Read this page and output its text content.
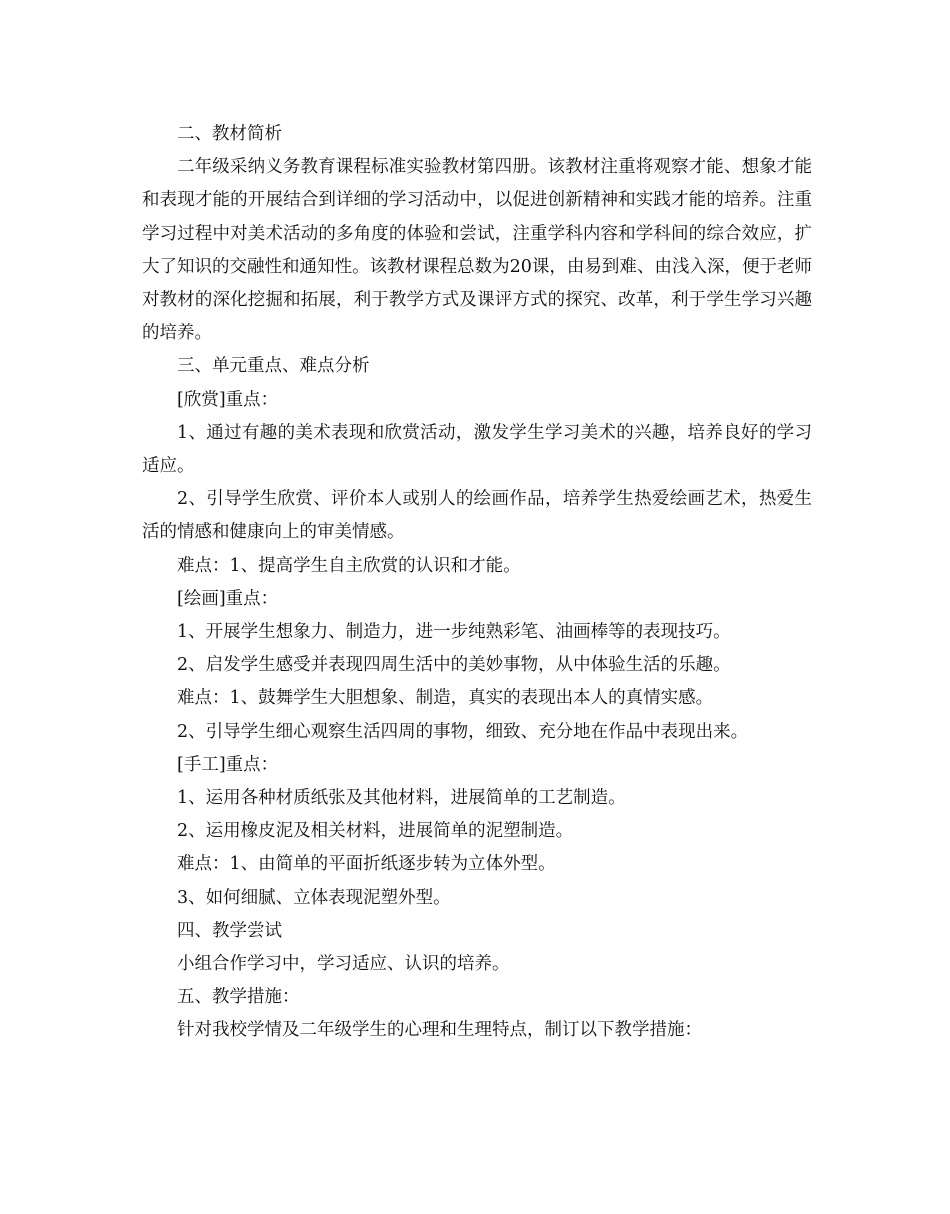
二、教材简析

二年级采纳义务教育课程标准实验教材第四册。该教材注重将观察才能、想象才能和表现才能的开展结合到详细的学习活动中，以促进创新精神和实践才能的培养。注重学习过程中对美术活动的多角度的体验和尝试，注重学科内容和学科间的综合效应，扩大了知识的交融性和通知性。该教材课程总数为20课，由易到难、由浅入深，便于老师对教材的深化挖掘和拓展，利于教学方式及课评方式的探究、改革，利于学生学习兴趣的培养。

三、单元重点、难点分析

[欣赏]重点：

1、通过有趣的美术表现和欣赏活动，激发学生学习美术的兴趣，培养良好的学习适应。

2、引导学生欣赏、评价本人或别人的绘画作品，培养学生热爱绘画艺术，热爱生活的情感和健康向上的审美情感。

难点：1、提高学生自主欣赏的认识和才能。

[绘画]重点：

1、开展学生想象力、制造力，进一步纯熟彩笔、油画棒等的表现技巧。

2、启发学生感受并表现四周生活中的美妙事物，从中体验生活的乐趣。

难点：1、鼓舞学生大胆想象、制造，真实的表现出本人的真情实感。

2、引导学生细心观察生活四周的事物，细致、充分地在作品中表现出来。

[手工]重点：

1、运用各种材质纸张及其他材料，进展简单的工艺制造。

2、运用橡皮泥及相关材料，进展简单的泥塑制造。

难点：1、由简单的平面折纸逐步转为立体外型。

3、如何细腻、立体表现泥塑外型。

四、教学尝试

小组合作学习中，学习适应、认识的培养。

五、教学措施：

针对我校学情及二年级学生的心理和生理特点，制订以下教学措施：
